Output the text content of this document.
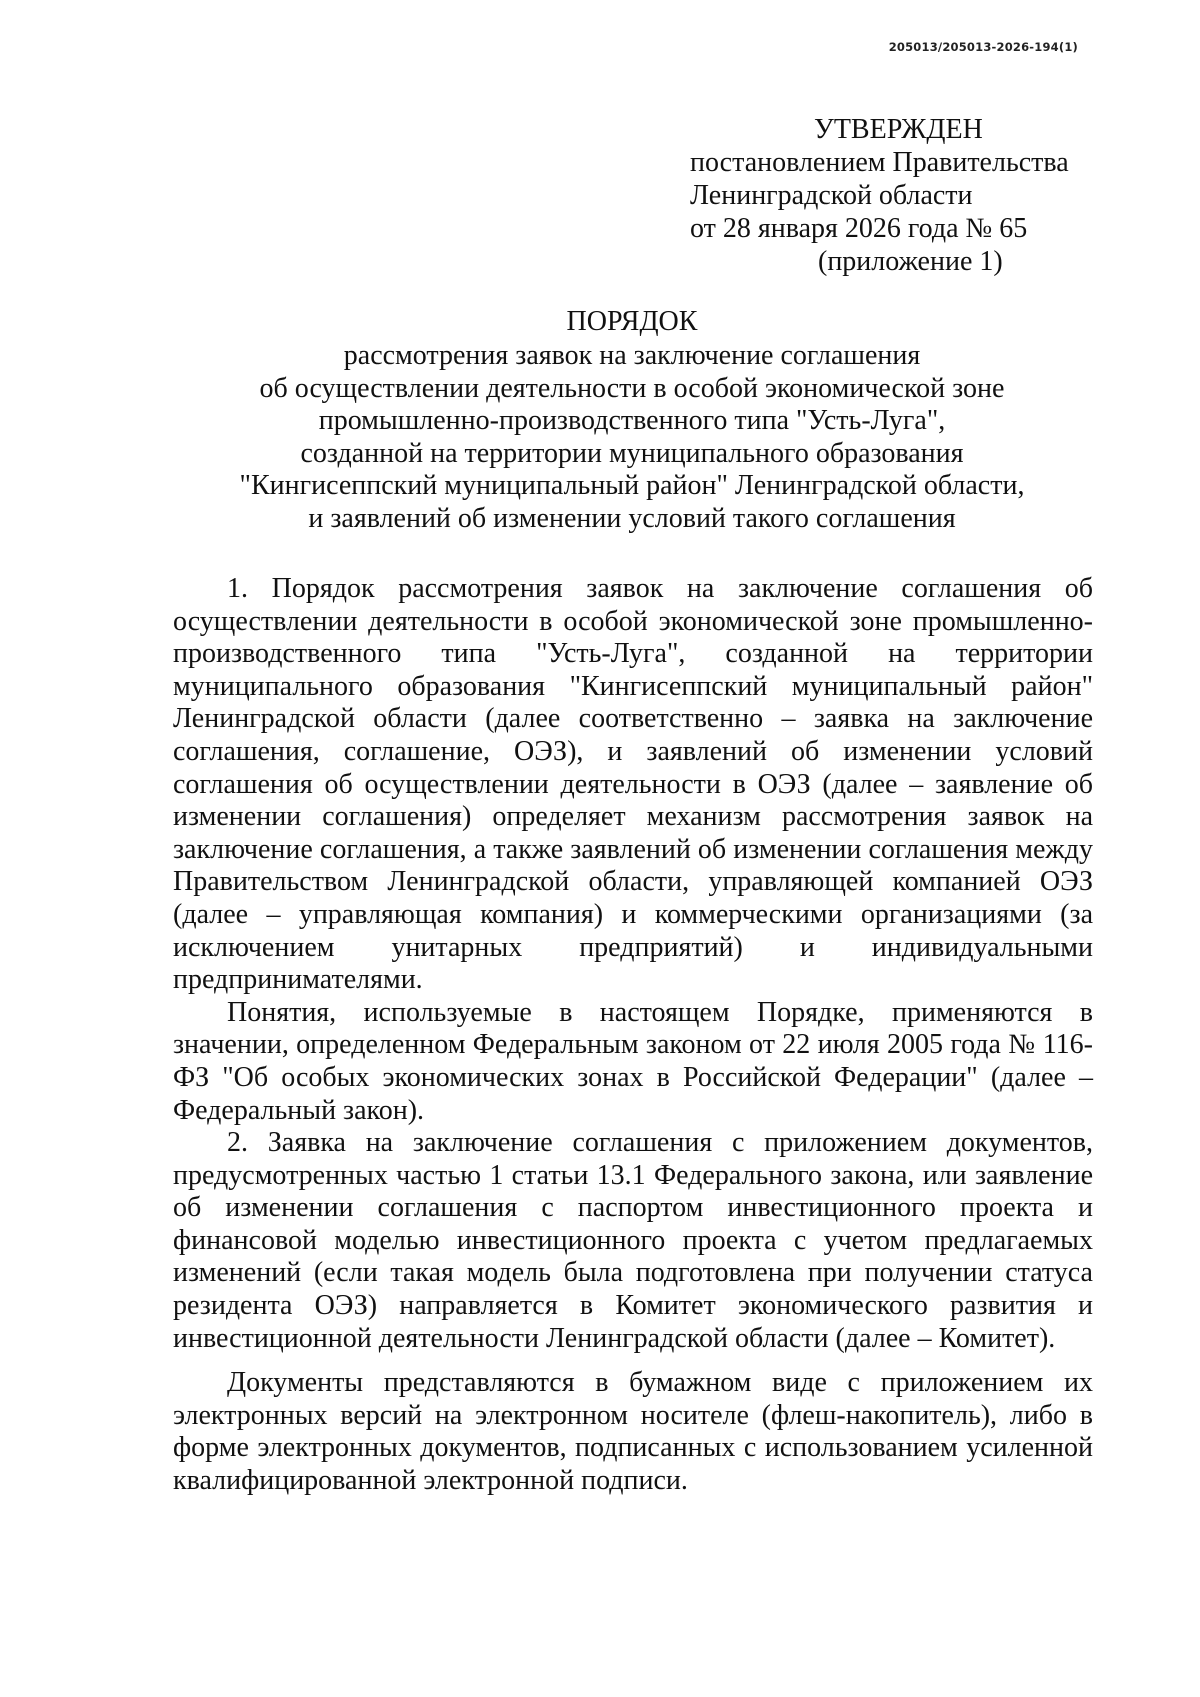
205013/205013-2026-194(1)
УТВЕРЖДЕН
постановлением Правительства
Ленинградской области
от 28 января 2026 года № 65
(приложение 1)
ПОРЯДОК
рассмотрения заявок на заключение соглашения
об осуществлении деятельности в особой экономической зоне
промышленно-производственного типа "Усть-Луга",
созданной на территории муниципального образования
"Кингисеппский муниципальный район" Ленинградской области,
и заявлений об изменении условий такого соглашения

1. Порядок рассмотрения заявок на заключение соглашения об осуществлении деятельности в особой экономической зоне промышленно-производственного типа "Усть-Луга", созданной на территории муниципального образования "Кингисеппский муниципальный район" Ленинградской области (далее соответственно – заявка на заключение соглашения, соглашение, ОЭЗ), и заявлений об изменении условий соглашения об осуществлении деятельности в ОЭЗ (далее – заявление об изменении соглашения) определяет механизм рассмотрения заявок на заключение соглашения, а также заявлений об изменении соглашения между Правительством Ленинградской области, управляющей компанией ОЭЗ (далее – управляющая компания) и коммерческими организациями (за исключением унитарных предприятий) и индивидуальными предпринимателями.

Понятия, используемые в настоящем Порядке, применяются в значении, определенном Федеральным законом от 22 июля 2005 года № 116-ФЗ "Об особых экономических зонах в Российской Федерации" (далее – Федеральный закон).

2. Заявка на заключение соглашения с приложением документов, предусмотренных частью 1 статьи 13.1 Федерального закона, или заявление об изменении соглашения с паспортом инвестиционного проекта и финансовой моделью инвестиционного проекта с учетом предлагаемых изменений (если такая модель была подготовлена при получении статуса резидента ОЭЗ) направляется в Комитет экономического развития и инвестиционной деятельности Ленинградской области (далее – Комитет).

Документы представляются в бумажном виде с приложением их электронных версий на электронном носителе (флеш-накопитель), либо в форме электронных документов, подписанных с использованием усиленной квалифицированной электронной подписи.
